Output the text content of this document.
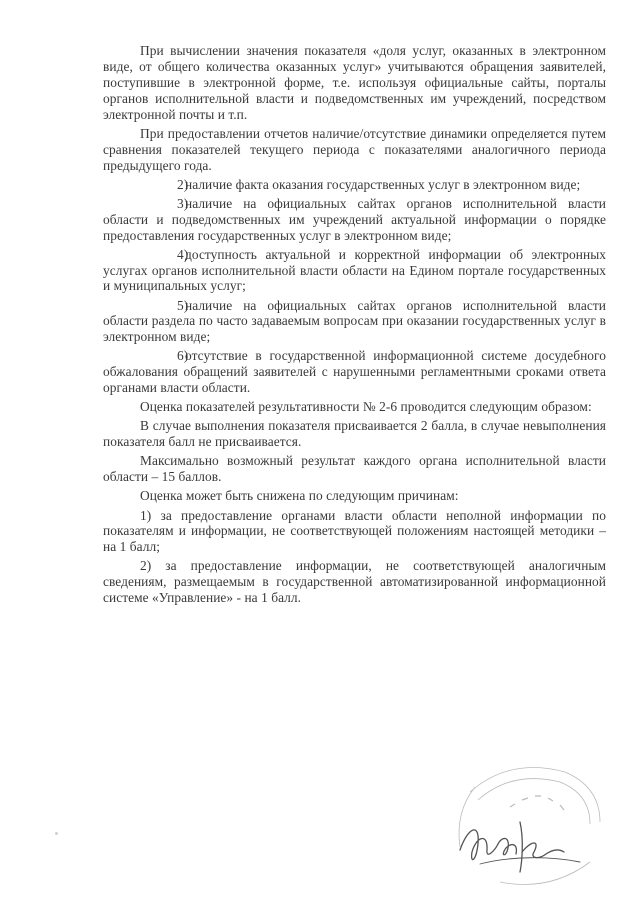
При вычислении значения показателя «доля услуг, оказанных в электронном виде, от общего количества оказанных услуг» учитываются обращения заявителей, поступившие в электронной форме, т.е. используя официальные сайты, порталы органов исполнительной власти и подведомственных им учреждений, посредством электронной почты и т.п.

При предоставлении отчетов наличие/отсутствие динамики определяется путем сравнения показателей текущего периода с показателями аналогичного периода предыдущего года.

2)наличие факта оказания государственных услуг в электронном виде;

3)наличие на официальных сайтах органов исполнительной власти области и подведомственных им учреждений актуальной информации о порядке предоставления государственных услуг в электронном виде;

4)доступность актуальной и корректной информации об электронных услугах органов исполнительной власти области на Едином портале государственных и муниципальных услуг;

5)наличие на официальных сайтах органов исполнительной власти области раздела по часто задаваемым вопросам при оказании государственных услуг в электронном виде;

6)отсутствие в государственной информационной системе досудебного обжалования обращений заявителей с нарушенными регламентными сроками ответа органами власти области.

Оценка показателей результативности № 2-6 проводится следующим образом:

В случае выполнения показателя присваивается 2 балла, в случае невыполнения показателя балл не присваивается.

Максимально возможный результат каждого органа исполнительной власти области – 15 баллов.

Оценка может быть снижена по следующим причинам:

1) за предоставление органами власти области неполной информации по показателям и информации, не соответствующей положениям настоящей методики – на 1 балл;

2) за предоставление информации, не соответствующей аналогичным сведениям, размещаемым в государственной автоматизированной информационной системе «Управление» - на 1 балл.
